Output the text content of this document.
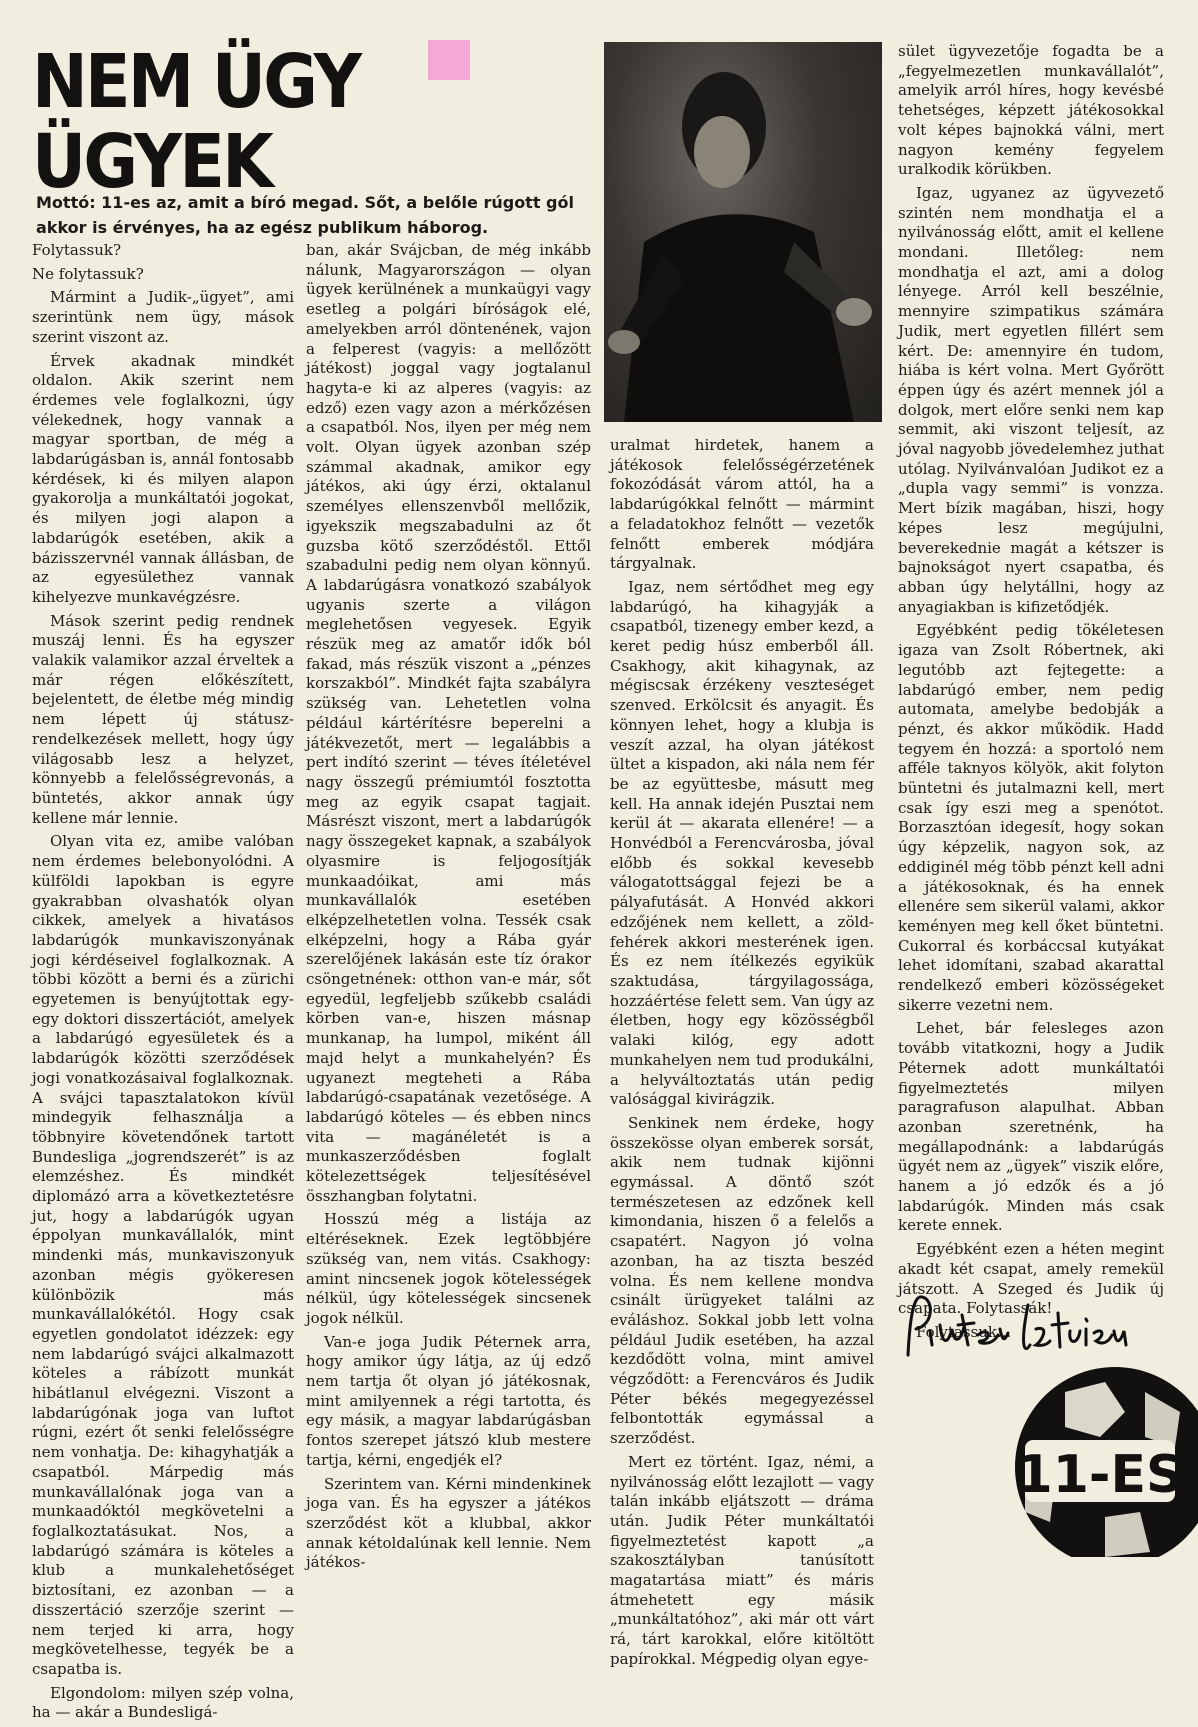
NEM ÜGY ÜGYEK

Mottó: 11-es az, amit a bíró megad. Sőt, a belőle rúgott gól akkor is érvényes, ha az egész publikum háborog.

Folytassuk?

Ne folytassuk?

Mármint a Judik-„ügyet”, ami szerintünk nem ügy, mások szerint viszont az.

Érvek akadnak mindkét oldalon. Akik szerint nem érdemes vele foglalkozni, úgy vélekednek, hogy vannak a magyar sportban, de még a labdarúgásban is, annál fontosabb kérdések, ki és milyen alapon gyakorolja a munkáltatói jogokat, és milyen jogi alapon a labdarúgók esetében, akik a bázisszervnél vannak állásban, de az egyesülethez vannak kihelyezve munkavégzésre.

Mások szerint pedig rendnek muszáj lenni. És ha egyszer valakik valamikor azzal érveltek a már régen előkészített, bejelentett, de életbe még mindig nem lépett új státusz-rendelkezések mellett, hogy úgy világosabb lesz a helyzet, könnyebb a felelősségrevonás, a büntetés, akkor annak úgy kellene már lennie.

Olyan vita ez, amibe valóban nem érdemes belebonyolódni. A külföldi lapokban is egyre gyakrabban olvashatók olyan cikkek, amelyek a hivatásos labdarúgók munkaviszonyának jogi kérdéseivel foglalkoznak. A többi között a berni és a zürichi egyetemen is benyújtottak egy-egy doktori disszertációt, amelyek a labdarúgó egyesületek és a labdarúgók közötti szerződések jogi vonatkozásaival foglalkoznak. A svájci tapasztalatokon kívül mindegyik felhasználja a többnyire követendőnek tartott Bundesliga „jogrendszerét” is az elemzéshez. És mindkét diplomázó arra a következtetésre jut, hogy a labdarúgók ugyan éppolyan munkavállalók, mint mindenki más, munkaviszonyuk azonban mégis gyökeresen különbözik más munkavállalókétól. Hogy csak egyetlen gondolatot idézzek: egy nem labdarúgó svájci alkalmazott köteles a rábízott munkát hibátlanul elvégezni. Viszont a labdarúgónak joga van luftot rúgni, ezért őt senki felelősségre nem vonhatja. De: kihagyhatják a csapatból. Márpedig más munkavállalónak joga van a munkaadóktól megkövetelni a foglalkoztatásukat. Nos, a labdarúgó számára is köteles a klub a munkalehetőséget biztosítani, ez azonban — a disszertáció szerzője szerint — nem terjed ki arra, hogy megkövetelhesse, tegyék be a csapatba is.

Elgondolom: milyen szép volna, ha — akár a Bundesligá-

ban, akár Svájcban, de még inkább nálunk, Magyarországon — olyan ügyek kerülnének a munkaügyi vagy esetleg a polgári bíróságok elé, amelyekben arról döntenének, vajon a felperest (vagyis: a mellőzött játékost) joggal vagy jogtalanul hagyta-e ki az alperes (vagyis: az edző) ezen vagy azon a mérkőzésen a csapatból. Nos, ilyen per még nem volt. Olyan ügyek azonban szép számmal akadnak, amikor egy játékos, aki úgy érzi, oktalanul személyes ellenszenvből mellőzik, igyekszik megszabadulni az őt guzsba kötő szerződéstől. Ettől szabadulni pedig nem olyan könnyű. A labdarúgásra vonatkozó szabályok ugyanis szerte a világon meglehetősen vegyesek. Egyik részük meg az amatőr idők ból fakad, más részük viszont a „pénzes korszakból”. Mindkét fajta szabályra szükség van. Lehetetlen volna például kártérítésre beperelni a játékvezetőt, mert — legalábbis a pert indító szerint — téves ítéletével nagy összegű prémiumtól fosztotta meg az egyik csapat tagjait. Másrészt viszont, mert a labdarúgók nagy összegeket kapnak, a szabályok olyasmire is feljogosítják munkaadóikat, ami más munkavállalók esetében elképzelhetetlen volna. Tessék csak elképzelni, hogy a Rába gyár szerelőjének lakásán este tíz órakor csöngetnének: otthon van-e már, sőt egyedül, legfeljebb szűkebb családi körben van-e, hiszen másnap munkanap, ha lumpol, miként áll majd helyt a munkahelyén? És ugyanezt megteheti a Rába labdarúgó-csapatának vezetősége. A labdarúgó köteles — és ebben nincs vita — magánéletét is a munkaszerződésben foglalt kötelezettségek teljesítésével összhangban folytatni.

Hosszú még a listája az eltéréseknek. Ezek legtöbbjére szükség van, nem vitás. Csakhogy: amint nincsenek jogok kötelességek nélkül, úgy kötelességek sincsenek jogok nélkül.

Van-e joga Judik Péternek arra, hogy amikor úgy látja, az új edző nem tartja őt olyan jó játékosnak, mint amilyennek a régi tartotta, és egy másik, a magyar labdarúgásban fontos szerepet játszó klub mestere tartja, kérni, engedjék el?

Szerintem van. Kérni mindenkinek joga van. És ha egyszer a játékos szerződést köt a klubbal, akkor annak kétoldalúnak kell lennie. Nem játékos-

uralmat hirdetek, hanem a játékosok felelősségérzetének fokozódását várom attól, ha a labdarúgókkal felnőtt — mármint a feladatokhoz felnőtt — vezetők felnőtt emberek módjára tárgyalnak.

Igaz, nem sértődhet meg egy labdarúgó, ha kihagyják a csapatból, tizenegy ember kezd, a keret pedig húsz emberből áll. Csakhogy, akit kihagynak, az mégiscsak érzékeny veszteséget szenved. Erkölcsit és anyagit. És könnyen lehet, hogy a klubja is veszít azzal, ha olyan játékost ültet a kispadon, aki nála nem fér be az együttesbe, másutt meg kell. Ha annak idején Pusztai nem kerül át — akarata ellenére! — a Honvédból a Ferencvárosba, jóval előbb és sokkal kevesebb válogatottsággal fejezi be a pályafutását. A Honvéd akkori edzőjének nem kellett, a zöld-fehérek akkori mesterének igen. És ez nem ítélkezés egyikük szaktudása, tárgyilagossága, hozzáértése felett sem. Van úgy az életben, hogy egy közösségből valaki kilóg, egy adott munkahelyen nem tud produkálni, a helyváltoztatás után pedig valósággal kivirágzik.

Senkinek nem érdeke, hogy összekösse olyan emberek sorsát, akik nem tudnak kijönni egymással. A döntő szót természetesen az edzőnek kell kimondania, hiszen ő a felelős a csapatért. Nagyon jó volna azonban, ha az tiszta beszéd volna. És nem kellene mondva csinált ürügyeket találni az eváláshoz. Sokkal jobb lett volna például Judik esetében, ha azzal kezdődött volna, mint amivel végződött: a Ferencváros és Judik Péter békés megegyezéssel felbontották egymással a szerződést.

Mert ez történt. Igaz, némi, a nyilvánosság előtt lezajlott — vagy talán inkább eljátszott — dráma után. Judik Péter munkáltatói figyelmeztetést kapott „a szakosztályban tanúsított magatartása miatt” és máris átmehetett egy másik „munkáltatóhoz”, aki már ott várt rá, tárt karokkal, előre kitöltött papírokkal. Mégpedig olyan egye-

sület ügyvezetője fogadta be a „fegyelmezetlen munkavállalót”, amelyik arról híres, hogy kevésbé tehetséges, képzett játékosokkal volt képes bajnokká válni, mert nagyon kemény fegyelem uralkodik körükben.

Igaz, ugyanez az ügyvezető szintén nem mondhatja el a nyilvánosság előtt, amit el kellene mondani. Illetőleg: nem mondhatja el azt, ami a dolog lényege. Arról kell beszélnie, mennyire szimpatikus számára Judik, mert egyetlen fillért sem kért. De: amennyire én tudom, hiába is kért volna. Mert Győrött éppen úgy és azért mennek jól a dolgok, mert előre senki nem kap semmit, aki viszont teljesít, az jóval nagyobb jövedelemhez juthat utólag. Nyilvánvalóan Judikot ez a „dupla vagy semmi” is vonzza. Mert bízik magában, hiszi, hogy képes lesz megújulni, beverekednie magát a kétszer is bajnokságot nyert csapatba, és abban úgy helytállni, hogy az anyagiakban is kifizetődjék.

Egyébként pedig tökéletesen igaza van Zsolt Róbertnek, aki legutóbb azt fejtegette: a labdarúgó ember, nem pedig automata, amelybe bedobják a pénzt, és akkor működik. Hadd tegyem én hozzá: a sportoló nem afféle taknyos kölyök, akit folyton büntetni és jutalmazni kell, mert csak így eszi meg a spenótot. Borzasztóan idegesít, hogy sokan úgy képzelik, nagyon sok, az eddiginél még több pénzt kell adni a játékosoknak, és ha ennek ellenére sem sikerül valami, akkor keményen meg kell őket büntetni. Cukorral és korbáccsal kutyákat lehet idomítani, szabad akarattal rendelkező emberi közösségeket sikerre vezetni nem.

Lehet, bár felesleges azon tovább vitatkozni, hogy a Judik Péternek adott munkáltatói figyelmeztetés milyen paragrafuson alapulhat. Abban azonban szeretnénk, ha megállapodnánk: a labdarúgás ügyét nem az „ügyek” viszik előre, hanem a jó edzők és a jó labdarúgók. Minden más csak kerete ennek.

Egyébként ezen a héten megint akadt két csapat, amely remekül játszott. A Szeged és Judik új csapata. Folytassák!

Folytassuk...

11-ES
